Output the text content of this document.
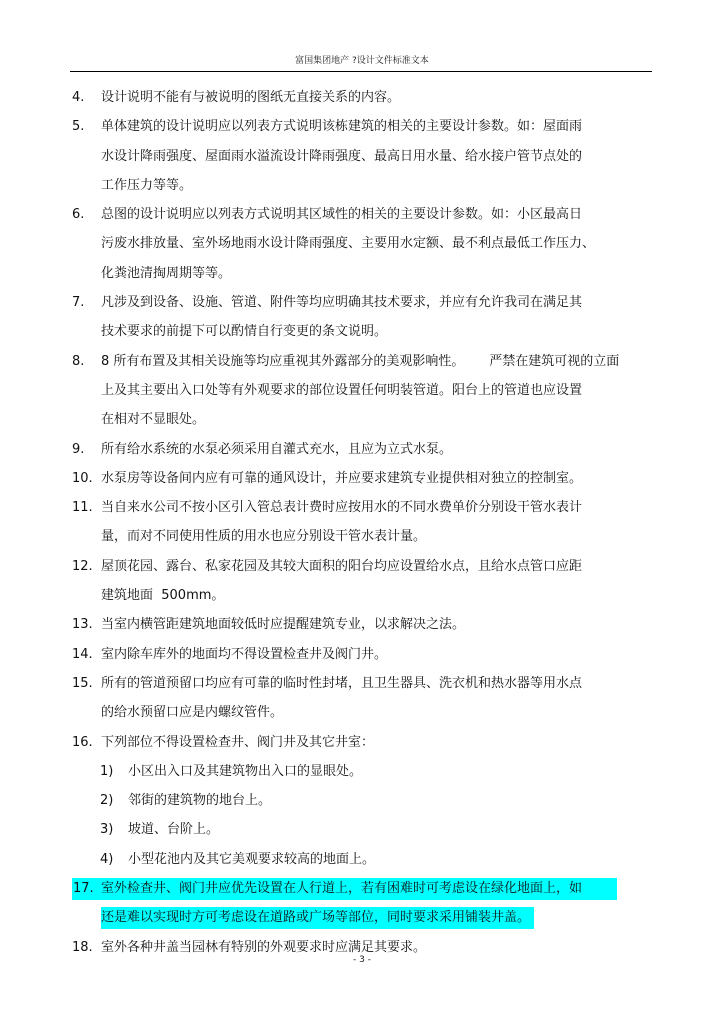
富国集团地产 ?设计文件标准文本
4.	设计说明不能有与被说明的图纸无直接关系的内容。
5.	单体建筑的设计说明应以列表方式说明该栋建筑的相关的主要设计参数。如：屋面雨
水设计降雨强度、屋面雨水溢流设计降雨强度、最高日用水量、给水接户管节点处的
工作压力等等。
6.	总图的设计说明应以列表方式说明其区域性的相关的主要设计参数。如：小区最高日
污废水排放量、室外场地雨水设计降雨强度、主要用水定额、最不利点最低工作压力、
化粪池清掏周期等等。
7.	凡涉及到设备、设施、管道、附件等均应明确其技术要求，并应有允许我司在满足其
技术要求的前提下可以酌情自行变更的条文说明。
8.	8 所有布置及其相关设施等均应重视其外露部分的美观影响性。      严禁在建筑可视的立面
上及其主要出入口处等有外观要求的部位设置任何明装管道。阳台上的管道也应设置
在相对不显眼处。
9.	所有给水系统的水泵必须采用自灌式充水，且应为立式水泵。
10. 水泵房等设备间内应有可靠的通风设计，并应要求建筑专业提供相对独立的控制室。
11. 当自来水公司不按小区引入管总表计费时应按用水的不同水费单价分别设干管水表计
量，而对不同使用性质的用水也应分别设干管水表计量。
12. 屋顶花园、露台、私家花园及其较大面积的阳台均应设置给水点，且给水点管口应距
建筑地面  500mm。
13. 当室内横管距建筑地面较低时应提醒建筑专业，以求解决之法。
14. 室内除车库外的地面均不得设置检查井及阀门井。
15. 所有的管道预留口均应有可靠的临时性封堵，且卫生器具、洗衣机和热水器等用水点
的给水预留口应是内螺纹管件。
16. 下列部位不得设置检查井、阀门井及其它井室：
1)	小区出入口及其建筑物出入口的显眼处。
2)	邻街的建筑物的地台上。
3)	坡道、台阶上。
4)	小型花池内及其它美观要求较高的地面上。
17. 室外检查井、阀门井应优先设置在人行道上，若有困难时可考虑设在绿化地面上，如
还是难以实现时方可考虑设在道路或广场等部位，同时要求采用铺装井盖。
18. 室外各种井盖当园林有特别的外观要求时应满足其要求。
- 3 -
